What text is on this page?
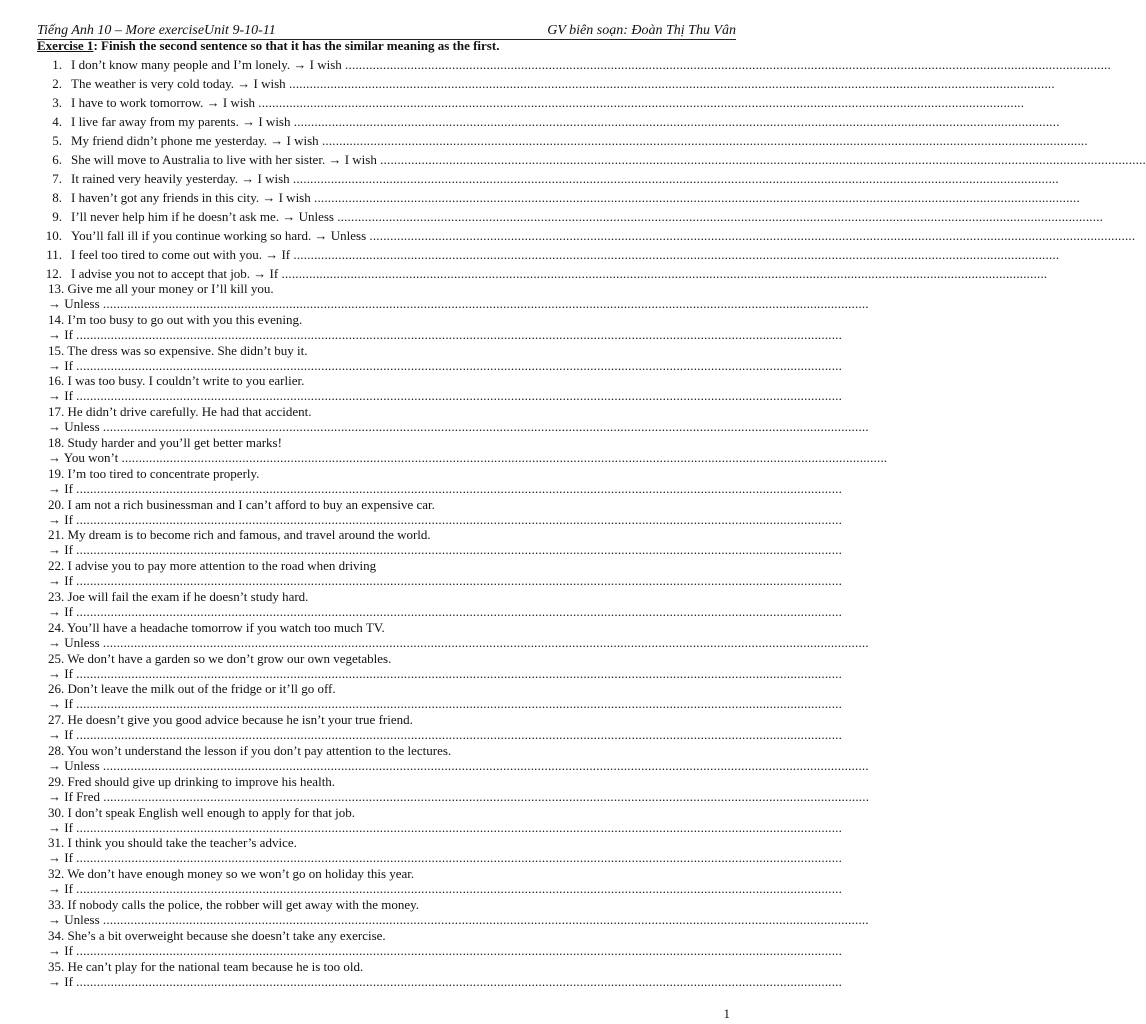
Tiếng Anh 10 – More exerciseUnit 9-10-11	GV biên soạn: Đoàn Thị Thu Vân
Exercise 1: Finish the second sentence so that it has the similar meaning as the first.
1. I don’t know many people and I’m lonely. → I wish ..............................................................................................................................................................................................................................
2. The weather is very cold today. → I wish ..............................................................................................................................................................................................................................
3. I have to work tomorrow. → I wish ..............................................................................................................................................................................................................................
4. I live far away from my parents. → I wish ..............................................................................................................................................................................................................................
5. My friend didn’t phone me yesterday. → I wish ..............................................................................................................................................................................................................................
6. She will move to Australia to live with her sister. → I wish ..............................................................................................................................................................................................................................
7. It rained very heavily yesterday. → I wish ..............................................................................................................................................................................................................................
8. I haven’t got any friends in this city. → I wish ..............................................................................................................................................................................................................................
9. I’ll never help him if he doesn’t ask me. → Unless ..............................................................................................................................................................................................................................
10. You’ll fall ill if you continue working so hard. → Unless ..............................................................................................................................................................................................................................
11. I feel too tired to come out with you. → If ..............................................................................................................................................................................................................................
12. I advise you not to accept that job. → If ..............................................................................................................................................................................................................................
13. Give me all your money or I’ll kill you.
→ Unless ..............................................................................................................................................................................................................................
14. I’m too busy to go out with you this evening.
→ If ..............................................................................................................................................................................................................................
15. The dress was so expensive. She didn’t buy it.
→ If ..............................................................................................................................................................................................................................
16. I was too busy. I couldn’t write to you earlier.
→ If ..............................................................................................................................................................................................................................
17. He didn’t drive carefully. He had that accident.
→ Unless ..............................................................................................................................................................................................................................
18. Study harder and you’ll get better marks!
→ You won’t ..............................................................................................................................................................................................................................
19. I’m too tired to concentrate properly.
→ If ..............................................................................................................................................................................................................................
20. I am not a rich businessman and I can’t afford to buy an expensive car.
→ If ..............................................................................................................................................................................................................................
21. My dream is to become rich and famous, and travel around the world.
→ If ..............................................................................................................................................................................................................................
22. I advise you to pay more attention to the road when driving
→ If ..............................................................................................................................................................................................................................
23. Joe will fail the exam if he doesn’t study hard.
→ If ..............................................................................................................................................................................................................................
24. You’ll have a headache tomorrow if you watch too much TV.
→ Unless ..............................................................................................................................................................................................................................
25. We don’t have a garden so we don’t grow our own vegetables.
→ If ..............................................................................................................................................................................................................................
26. Don’t leave the milk out of the fridge or it’ll go off.
→ If ..............................................................................................................................................................................................................................
27. He doesn’t give you good advice because he isn’t your true friend.
→ If ..............................................................................................................................................................................................................................
28. You won’t understand the lesson if you don’t pay attention to the lectures.
→ Unless ..............................................................................................................................................................................................................................
29. Fred should give up drinking to improve his health.
→ If Fred ..............................................................................................................................................................................................................................
30. I don’t speak English well enough to apply for that job.
→ If ..............................................................................................................................................................................................................................
31. I think you should take the teacher’s advice.
→ If ..............................................................................................................................................................................................................................
32. We don’t have enough money so we won’t go on holiday this year.
→ If ..............................................................................................................................................................................................................................
33. If nobody calls the police, the robber will get away with the money.
→ Unless ..............................................................................................................................................................................................................................
34. She’s a bit overweight because she doesn’t take any exercise.
→ If ..............................................................................................................................................................................................................................
35. He can’t play for the national team because he is too old.
→ If ..............................................................................................................................................................................................................................
1
